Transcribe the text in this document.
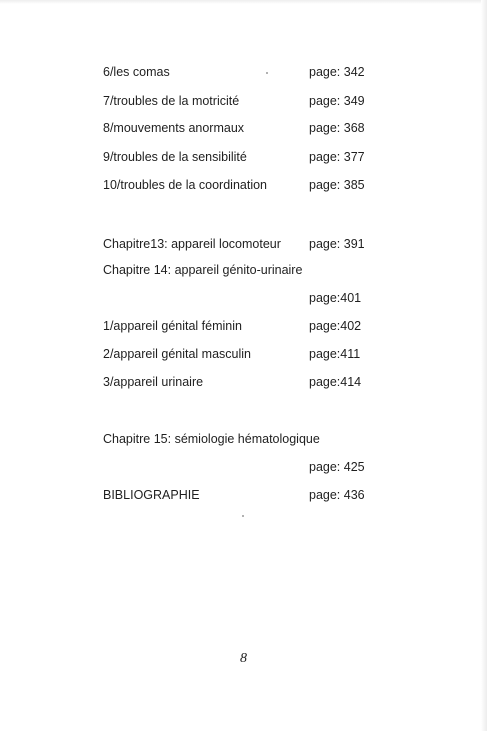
6/les comas	page: 342
7/troubles de la motricité	page: 349
8/mouvements anormaux	page: 368
9/troubles de la sensibilité	page: 377
10/troubles de la coordination	page: 385
Chapitre13: appareil locomoteur page: 391
Chapitre 14: appareil génito-urinaire
page:401
1/appareil génital féminin	page:402
2/appareil génital masculin	page:411
3/appareil urinaire	page:414
Chapitre 15: sémiologie hématologique
page: 425
BIBLIOGRAPHIE	page: 436
8
